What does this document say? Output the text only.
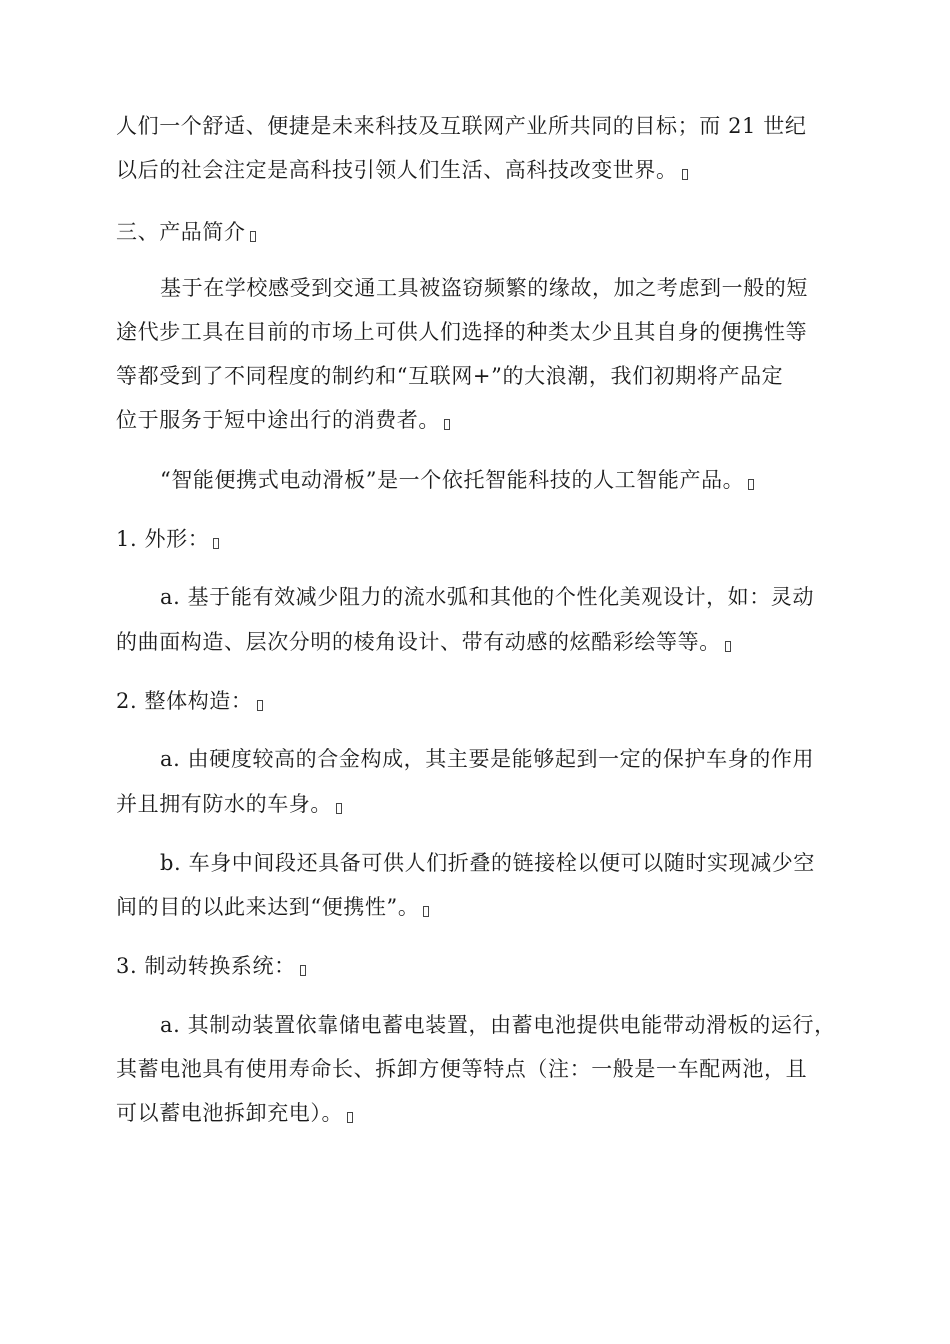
人们一个舒适、便捷是未来科技及互联网产业所共同的目标；而 21 世纪
以后的社会注定是高科技引领人们生活、高科技改变世界。
三、产品简介
基于在学校感受到交通工具被盗窃频繁的缘故，加之考虑到一般的短
途代步工具在目前的市场上可供人们选择的种类太少且其自身的便携性等
等都受到了不同程度的制约和“互联网+”的大浪潮，我们初期将产品定
位于服务于短中途出行的消费者。
“智能便携式电动滑板”是一个依托智能科技的人工智能产品。
1. 外形：
a. 基于能有效减少阻力的流水弧和其他的个性化美观设计，如：灵动
的曲面构造、层次分明的棱角设计、带有动感的炫酷彩绘等等。
2. 整体构造：
a. 由硬度较高的合金构成，其主要是能够起到一定的保护车身的作用
并且拥有防水的车身。
b. 车身中间段还具备可供人们折叠的链接栓以便可以随时实现减少空
间的目的以此来达到“便携性”。
3. 制动转换系统：
a. 其制动装置依靠储电蓄电装置，由蓄电池提供电能带动滑板的运行，
其蓄电池具有使用寿命长、拆卸方便等特点（注：一般是一车配两池，且
可以蓄电池拆卸充电）。
